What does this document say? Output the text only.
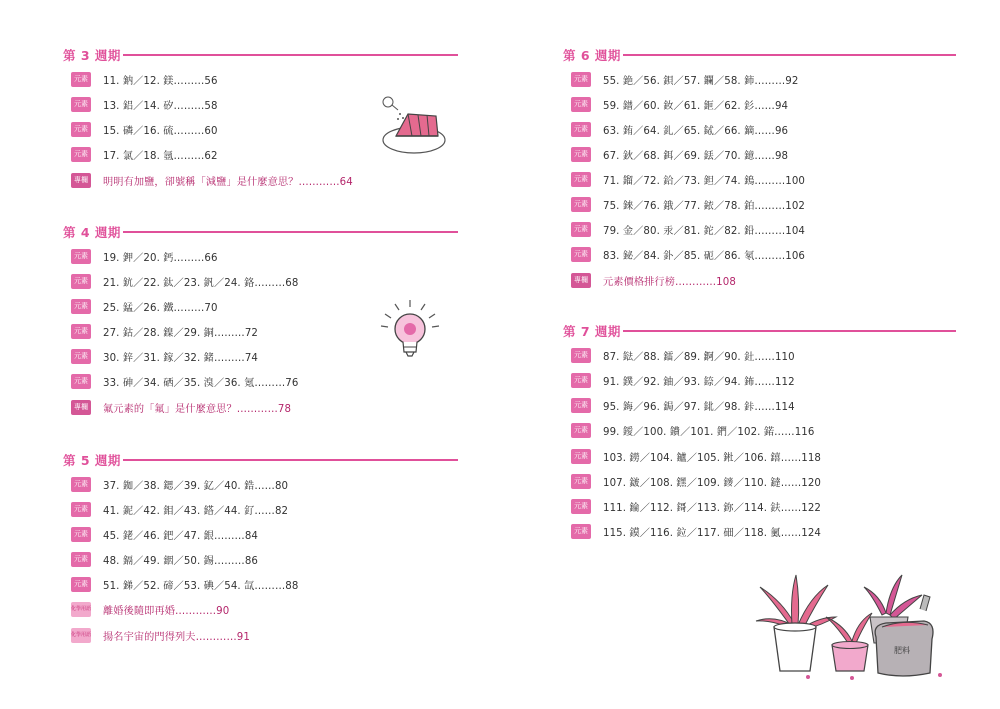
第 3 週期
元素 11. 鈉／12. 鎂………56
元素 13. 鋁／14. 矽………58
元素 15. 磷／16. 硫………60
元素 17. 氯／18. 氬………62
專欄 明明有加鹽，卻號稱「減鹽」是什麼意思？…………64
第 4 週期
元素 19. 鉀／20. 鈣………66
元素 21. 鈧／22. 鈦／23. 釩／24. 鉻………68
元素 25. 錳／26. 鐵………70
元素 27. 鈷／28. 鎳／29. 銅………72
元素 30. 鋅／31. 鎵／32. 鍺………74
元素 33. 砷／34. 硒／35. 溴／36. 氪………76
專欄 氟元素的「氟」是什麼意思？…………78
第 5 週期
元素 37. 銣／38. 鍶／39. 釔／40. 鋯……80
元素 41. 鈮／42. 鉬／43. 鎝／44. 釕……82
元素 45. 銠／46. 鈀／47. 銀………84
元素 48. 鎘／49. 銦／50. 錫………86
元素 51. 銻／52. 碲／53. 碘／54. 氙………88
化學用語 離婚後隨即再婚…………90
化學用語 揚名宇宙的門得列夫…………91
第 6 週期
元素 55. 銫／56. 鋇／57. 鑭／58. 鈰………92
元素 59. 鐠／60. 釹／61. 鉕／62. 釤……94
元素 63. 銪／64. 釓／65. 鋱／66. 鏑……96
元素 67. 鈥／68. 鉺／69. 銩／70. 鐿……98
元素 71. 鎦／72. 鉿／73. 鉭／74. 鎢………100
元素 75. 錸／76. 鋨／77. 銥／78. 鉑………102
元素 79. 金／80. 汞／81. 鉈／82. 鉛………104
元素 83. 鉍／84. 釙／85. 砈／86. 氡………106
專欄 元素價格排行榜…………108
第 7 週期
元素 87. 鍅／88. 鐳／89. 錒／90. 釷……110
元素 91. 鏷／92. 鈾／93. 錼／94. 鈽……112
元素 95. 鋂／96. 鋦／97. 鉳／98. 鉲……114
元素 99. 鑀／100. 鐨／101. 鍆／102. 鍩……116
元素 103. 鐒／104. 鑪／105. 𨧀／106. 𨭎……118
元素 107. 𨨏／108. 𨭆／109. 䥑／110. 鐽……120
元素 111. 錀／112. 鎶／113. 鉨／114. 鈇……122
元素 115. 鏌／116. 鉝／117. 鿬／118. 鿫……124
肥料
